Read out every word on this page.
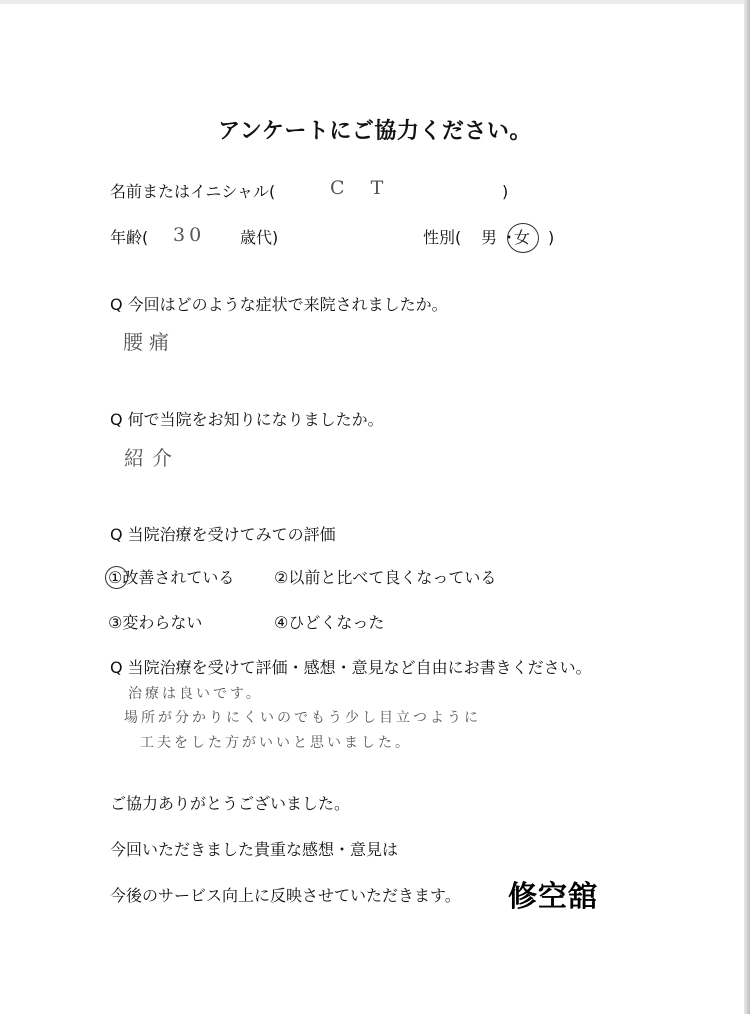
アンケートにご協力ください。
名前またはイニシャル(	C T	)
年齢( 30 歳代)	性別( 男 ・
女 )
Q 今回はどのような症状で来院されましたか。
腰痛
Q 何で当院をお知りになりましたか。
紹介
Q 当院治療を受けてみての評価
①改善されている ②以前と比べて良くなっている
③変わらない	④ひどくなった
Q 当院治療を受けて評価・感想・意見など自由にお書きください。
治療は良いです。
場所が分かりにくいのでもう少し目立つように
工夫をした方がいいと思いました。
ご協力ありがとうございました。
今回いただきました貴重な感想・意見は
今後のサービス向上に反映させていただきます。 修空舘
